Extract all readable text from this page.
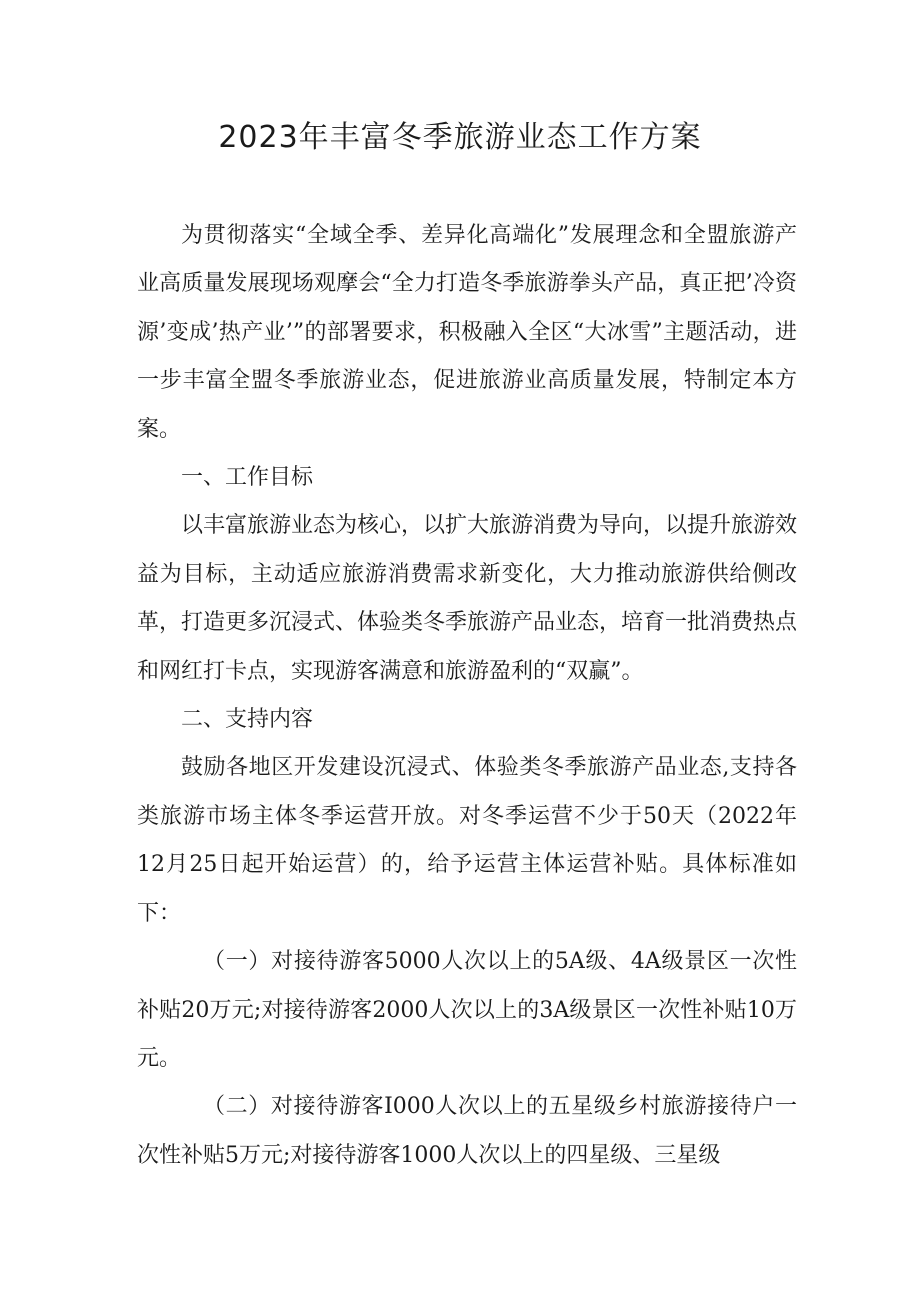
2023年丰富冬季旅游业态工作方案

为贯彻落实“全域全季、差异化高端化”发展理念和全盟旅游产业高质量发展现场观摩会“全力打造冬季旅游拳头产品，真正把’冷资源’变成’热产业’”的部署要求，积极融入全区“大冰雪”主题活动，进一步丰富全盟冬季旅游业态，促进旅游业高质量发展，特制定本方案。

一、工作目标

以丰富旅游业态为核心，以扩大旅游消费为导向，以提升旅游效益为目标，主动适应旅游消费需求新变化，大力推动旅游供给侧改革，打造更多沉浸式、体验类冬季旅游产品业态，培育一批消费热点和网红打卡点，实现游客满意和旅游盈利的“双赢”。

二、支持内容

鼓励各地区开发建设沉浸式、体验类冬季旅游产品业态,支持各类旅游市场主体冬季运营开放。对冬季运营不少于50天（2022年12月25日起开始运营）的，给予运营主体运营补贴。具体标准如下：

（一）对接待游客5000人次以上的5A级、4A级景区一次性补贴20万元;对接待游客2000人次以上的3A级景区一次性补贴10万元。

（二）对接待游客I000人次以上的五星级乡村旅游接待户一次性补贴5万元;对接待游客1000人次以上的四星级、三星级
